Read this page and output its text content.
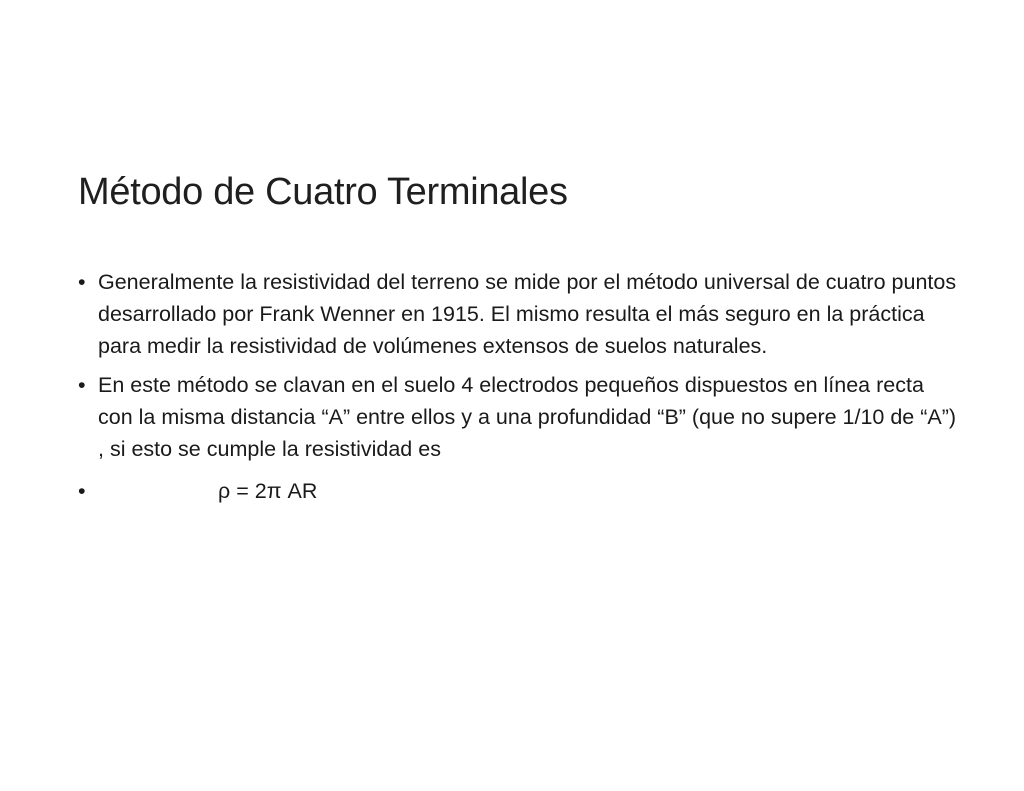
Método de Cuatro Terminales
• Generalmente la resistividad del terreno se mide por el método universal de cuatro puntos desarrollado por Frank Wenner en 1915. El mismo resulta el más seguro en la práctica para medir la resistividad de volúmenes extensos de suelos naturales.
• En este método se clavan en el suelo 4 electrodos pequeños dispuestos en línea recta con la misma distancia “A” entre ellos y a una profundidad “B” (que no supere 1/10 de “A”) , si esto se cumple la resistividad es
•	ρ = 2π AR
